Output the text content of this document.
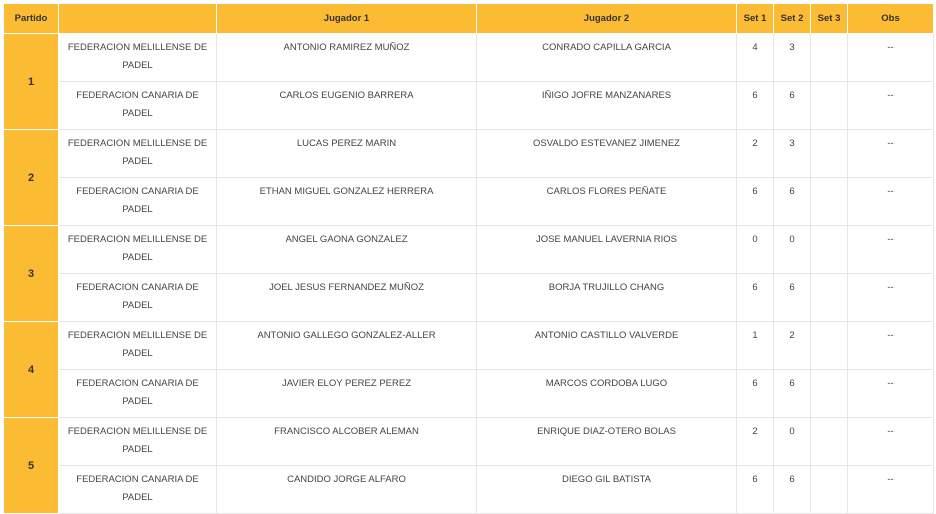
Partido		Jugador 1	Jugador 2	Set 1	Set 2	Set 3	Obs
1	FEDERACION MELILLENSE DE PADEL	ANTONIO RAMIREZ MUÑOZ	CONRADO CAPILLA GARCIA	4	3		--

	FEDERACION CANARIA DE PADEL	CARLOS EUGENIO BARRERA	IÑIGO JOFRE MANZANARES	6	6		--

2	FEDERACION MELILLENSE DE PADEL	LUCAS PEREZ MARIN	OSVALDO ESTEVANEZ JIMENEZ	2	3		--

	FEDERACION CANARIA DE PADEL	ETHAN MIGUEL GONZALEZ HERRERA	CARLOS FLORES PEÑATE	6	6		--

3	FEDERACION MELILLENSE DE PADEL	ANGEL GAONA GONZALEZ	JOSE MANUEL LAVERNIA RIOS	0	0		--

	FEDERACION CANARIA DE PADEL	JOEL JESUS FERNANDEZ MUÑOZ	BORJA TRUJILLO CHANG	6	6		--

4	FEDERACION MELILLENSE DE PADEL	ANTONIO GALLEGO GONZALEZ-ALLER	ANTONIO CASTILLO VALVERDE	1	2		--

	FEDERACION CANARIA DE PADEL	JAVIER ELOY PEREZ PEREZ	MARCOS CORDOBA LUGO	6	6		--

5	FEDERACION MELILLENSE DE PADEL	FRANCISCO ALCOBER ALEMAN	ENRIQUE DIAZ-OTERO BOLAS	2	0		--

	FEDERACION CANARIA DE PADEL	CANDIDO JORGE ALFARO	DIEGO GIL BATISTA	6	6		--
